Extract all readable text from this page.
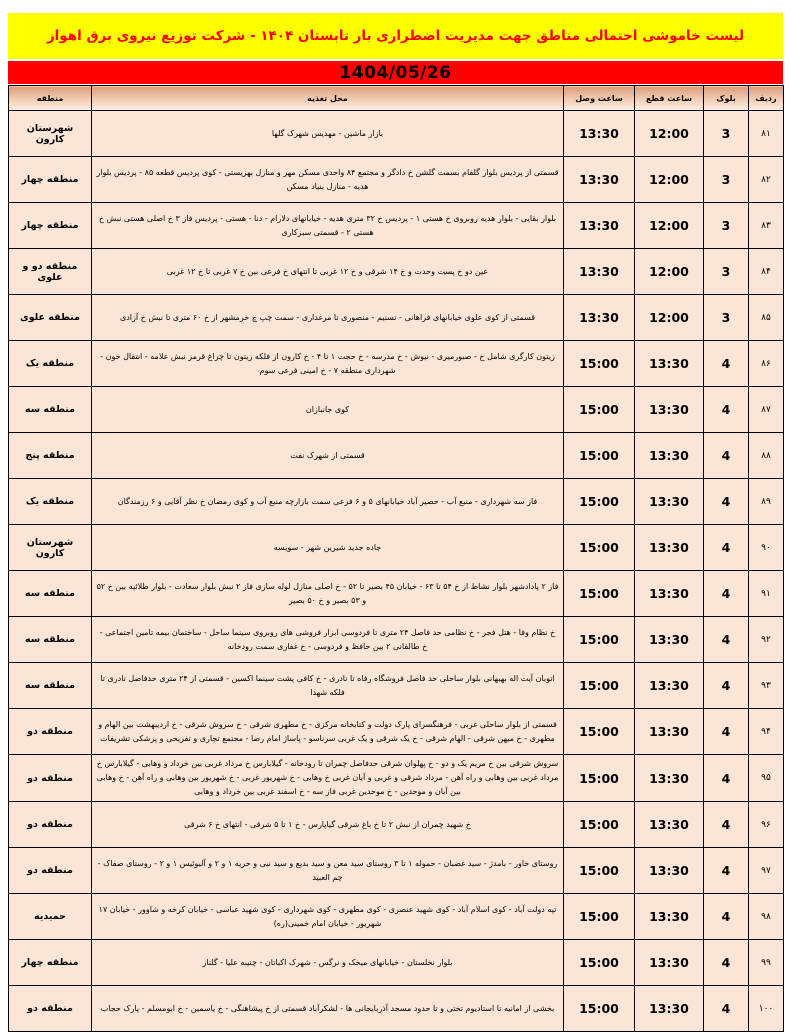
لیست خاموشی احتمالی مناطق جهت مدیریت اضطراری بار تابستان ۱۴۰۴ - شرکت توزیع نیروی برق اهواز
1404/05/26
ردیف	بلوک	ساعت قطع	ساعت وصل	محل تغذیه	منطقه
۸۱	3	12:00	13:30	بازار ماشین - مهدیس شهرک گلها	شهرستان کارون
۸۲	3	12:00	13:30	قسمتی از پردیس بلوار گلفام بسمت گلشن خ دادگر و مجتمع ۸۴ واحدی مسکن مهر و منازل بهزیستی - کوی پردیس قطعه ۸۵ - پردیس بلوار هدیه - منازل بنیاد مسکن	منطقه چهار
۸۳	3	12:00	13:30	بلوار بقایی - بلوار هدیه روبروی خ هستی ۱ - پردیس خ ۳۲ متری هدیه - خیابانهای دلارام - دنا - هستی - پردیس فاز ۳ خ اصلی هستی نبش خ هستی ۲ - قسمتی سبزکاری	منطقه چهار
۸۴	3	12:00	13:30	عین دو خ پست وحدت و خ ۱۴ شرقی و خ ۱۲ غربی تا انتهای خ فرعی بین خ ۷ غربی تا خ ۱۲ غربی	منطقه دو و علوی
۸۵	3	12:00	13:30	قسمتی از کوی علوی خیابانهای فراهانی - تسنیم - منصوری تا مرغداری - سمت چپ چ خرمشهر از خ ۶۰ متری تا نبش خ آزادی	منطقه علوی
۸۶	4	13:30	15:00	زیتون کارگری شامل خ - صبورمیری - نیوش - خ مدرسه - خ حجت ۱ تا ۴ - خ کارون از فلکه زیتون تا چراغ قرمز نبش علامه - انتقال خون - شهرداری منطقه ۷ - خ امینی فرعی سوم	منطقه یک
۸۷	4	13:30	15:00	کوی جانبازان	منطقه سه
۸۸	4	13:30	15:00	قسمتی از شهرک نفت	منطقه پنج
۸۹	4	13:30	15:00	فاز سه شهرداری - منبع آب - حصیر آباد خیابانهای ۵ و ۶ فرعی سمت بازارچه منبع آب و کوی رمضان خ نظر آقایی و ۶ رزمندگان	منطقه یک
۹۰	4	13:30	15:00	جاده جدید شیرین شهر - سویسه	شهرستان کارون
۹۱	4	13:30	15:00	فاز ۲ پادادشهر بلوار نشاط از خ ۵۴ تا ۶۳ - خیابان ۴۵ بصیر تا ۵۲ - خ اصلی منازل لوله سازی فاز ۲ نبش بلوار سعادت - بلوار طلائیه بین خ ۵۲ و ۵۳ بصیر و خ ۵۰ بصیر	منطقه سه
۹۲	4	13:30	15:00	خ نظام وفا - هتل فجر - خ نظامی حد فاصل ۲۴ متری تا فردوسی ابزار فروشی های روبروی سینما ساحل - ساختمان بیمه تامین اجتماعی - خ طالقانی ۲ بین حافظ و فردوسی - خ غفاری سمت رودخانه	منطقه سه
۹۳	4	13:30	15:00	اتوبان آیت اله بهبهانی بلوار ساحلی حد فاصل فروشگاه رفاه تا نادری - خ کافی پشت سینما اکسین - قسمتی از ۲۴ متری حدفاصل نادری تا فلکه شهدا	منطقه سه
۹۴	4	13:30	15:00	قسمتی از بلوار ساحلی غربی - فرهنگسرای پارک دولت و کتابخانه مرکزی - خ مطهری شرقی - خ سروش شرقی - خ اردیبهشت بین الهام و مطهری - خ میهن شرقی - الهام شرقی - خ یک شرقی و یک غربی سرناسو - پاساژ امام رضا - مجتمع تجاری و تفریحی و پزشکی تشریفات	منطقه دو
۹۵	4	13:30	15:00	سروش شرقی بین خ مریم یک و دو - خ پهلوان شرقی حدفاصل چمران تا رودخانه - گیلابارس خ مرداد غربی بین خرداد و وهابی - گیلابارس خ مرداد غربی بین وهابی و راه آهن - مرداد شرقی و غربی و آبان غربی خ وهابی - خ شهریور غربی - خ شهریور بین وهابی و راه آهن - خ وهابی بین آبان و موحدین - خ موحدین غربی فاز سه - خ اسفند غربی بین خرداد و وهابی	منطقه دو
۹۶	4	13:30	15:00	خ شهید چمران از نبش ۲ تا خ باغ شرقی گیاپارس - خ ۱ تا ۵ شرقی - انتهای خ ۶ شرقی	منطقه دو
۹۷	4	13:30	15:00	روستای خاور - بامدژ - سید غضبان - حموله ۱ تا ۳ روستای سید معن و سید بدیع و سید نبی و حریه ۱ و ۲ و آلبوئیس ۱ و ۲ - روستای صفاک - چم العبید	منطقه دو
۹۸	4	13:30	15:00	تپه دولت آباد - کوی اسلام آباد - کوی شهید عنصری - کوی مطهری - کوی شهرداری - کوی شهید عباسی - خیابان کرخه و شاوور - خیابان ۱۷ شهریور - خیابان امام خمینی(ره)	حمیدیه
۹۹	4	13:30	15:00	بلوار نخلستان - خیابانهای میخک و نرگس - شهرک اکباتان - چنیبه علیا - گلناز	منطقه چهار
۱۰۰	4	13:30	15:00	بخشی از امانیه تا استادیوم تختی و تا حدود مسجد آذربایجانی ها - لشکرآباد قسمتی از خ پیشاهنگی - خ یاسمین - خ ابومسلم - پارک حجاب	منطقه دو
